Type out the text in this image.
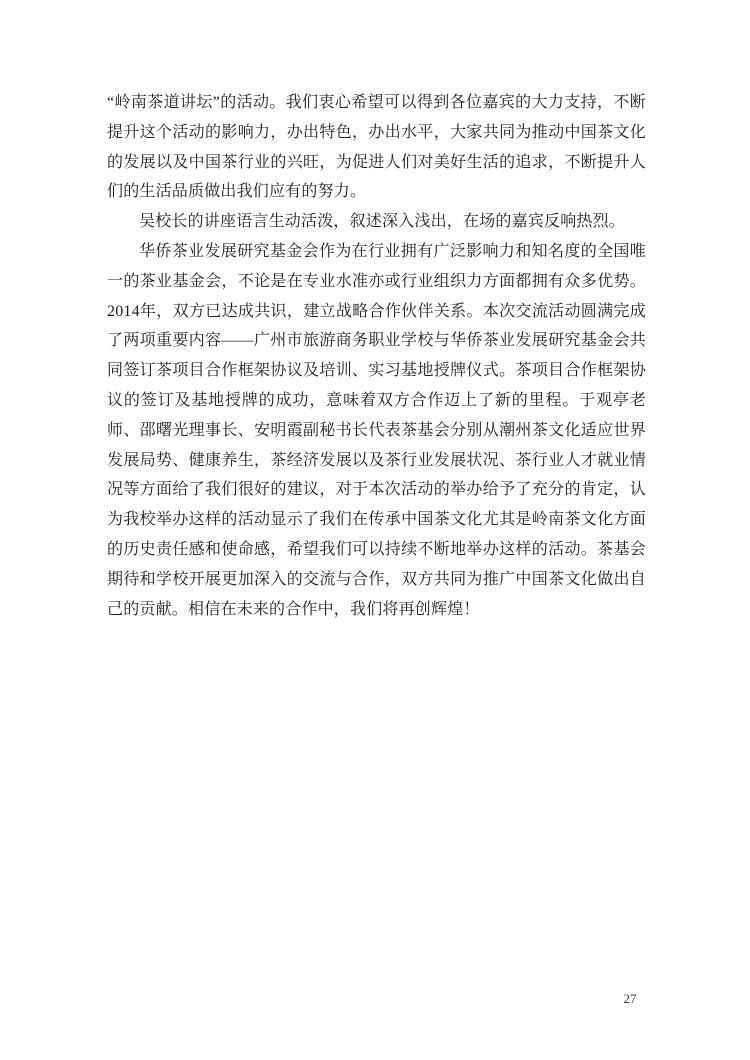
“岭南茶道讲坛”的活动。我们衷心希望可以得到各位嘉宾的大力支持，不断提升这个活动的影响力，办出特色，办出水平，大家共同为推动中国茶文化的发展以及中国茶行业的兴旺，为促进人们对美好生活的追求，不断提升人们的生活品质做出我们应有的努力。

吴校长的讲座语言生动活泼，叙述深入浅出，在场的嘉宾反响热烈。

华侨茶业发展研究基金会作为在行业拥有广泛影响力和知名度的全国唯一的茶业基金会，不论是在专业水准亦或行业组织力方面都拥有众多优势。2014年，双方已达成共识，建立战略合作伙伴关系。本次交流活动圆满完成了两项重要内容——广州市旅游商务职业学校与华侨茶业发展研究基金会共同签订茶项目合作框架协议及培训、实习基地授牌仪式。茶项目合作框架协议的签订及基地授牌的成功，意味着双方合作迈上了新的里程。于观亭老师、邵曙光理事长、安明霞副秘书长代表茶基会分别从潮州茶文化适应世界发展局势、健康养生，茶经济发展以及茶行业发展状况、茶行业人才就业情况等方面给了我们很好的建议，对于本次活动的举办给予了充分的肯定，认为我校举办这样的活动显示了我们在传承中国茶文化尤其是岭南茶文化方面的历史责任感和使命感，希望我们可以持续不断地举办这样的活动。茶基会期待和学校开展更加深入的交流与合作，双方共同为推广中国茶文化做出自己的贡献。相信在未来的合作中，我们将再创辉煌！

27
